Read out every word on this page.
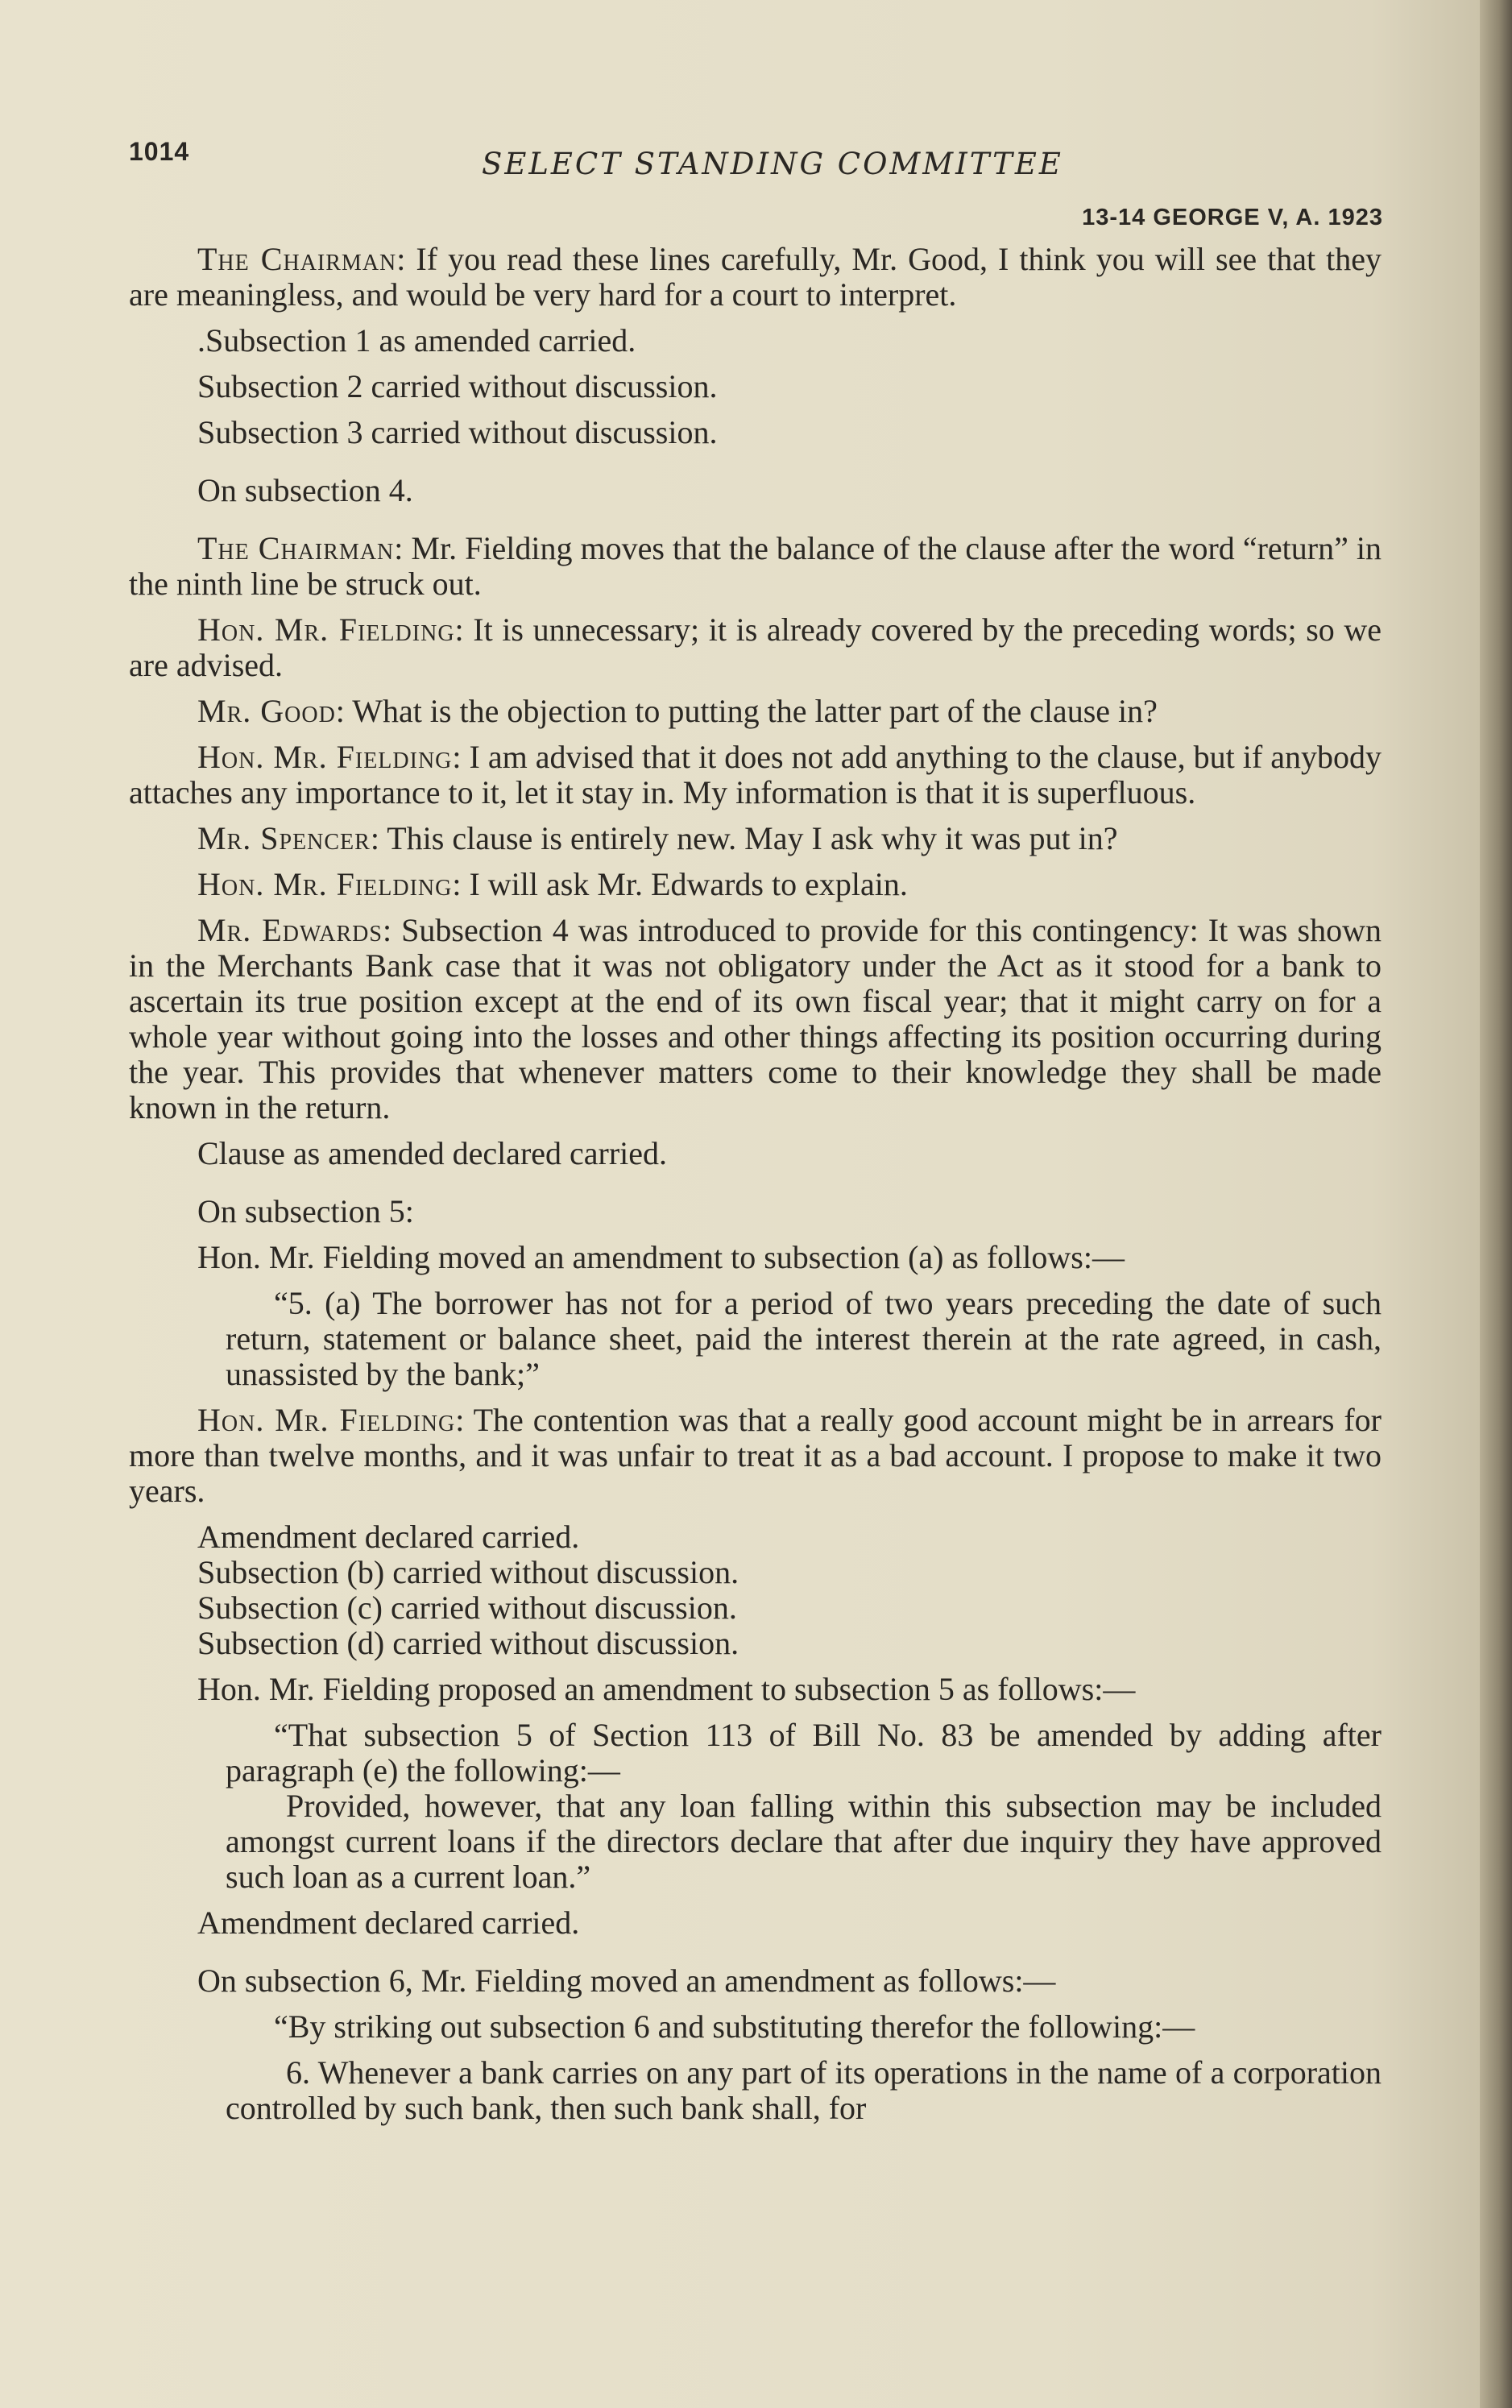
1014	SELECT STANDING COMMITTEE
13-14 GEORGE V, A. 1923

The Chairman: If you read these lines carefully, Mr. Good, I think you will see that they are meaningless, and would be very hard for a court to interpret.

.Subsection 1 as amended carried.

Subsection 2 carried without discussion.

Subsection 3 carried without discussion.

On subsection 4.

The Chairman: Mr. Fielding moves that the balance of the clause after the word “return” in the ninth line be struck out.

Hon. Mr. Fielding: It is unnecessary; it is already covered by the preceding words; so we are advised.

Mr. Good: What is the objection to putting the latter part of the clause in?

Hon. Mr. Fielding: I am advised that it does not add anything to the clause, but if anybody attaches any importance to it, let it stay in. My information is that it is superfluous.

Mr. Spencer: This clause is entirely new. May I ask why it was put in?

Hon. Mr. Fielding: I will ask Mr. Edwards to explain.

Mr. Edwards: Subsection 4 was introduced to provide for this contingency: It was shown in the Merchants Bank case that it was not obligatory under the Act as it stood for a bank to ascertain its true position except at the end of its own fiscal year; that it might carry on for a whole year without going into the losses and other things affecting its position occurring during the year. This provides that whenever matters come to their knowledge they shall be made known in the return.

Clause as amended declared carried.

On subsection 5:

Hon. Mr. Fielding moved an amendment to subsection (a) as follows:—

“5. (a) The borrower has not for a period of two years preceding the date of such return, statement or balance sheet, paid the interest therein at the rate agreed, in cash, unassisted by the bank;”

Hon. Mr. Fielding: The contention was that a really good account might be in arrears for more than twelve months, and it was unfair to treat it as a bad account. I propose to make it two years.

Amendment declared carried.

Subsection (b) carried without discussion.

Subsection (c) carried without discussion.

Subsection (d) carried without discussion.

Hon. Mr. Fielding proposed an amendment to subsection 5 as follows:—

“That subsection 5 of Section 113 of Bill No. 83 be amended by adding after paragraph (e) the following:—

Provided, however, that any loan falling within this subsection may be included amongst current loans if the directors declare that after due inquiry they have approved such loan as a current loan.”

Amendment declared carried.

On subsection 6, Mr. Fielding moved an amendment as follows:—

“By striking out subsection 6 and substituting therefor the following:—

6. Whenever a bank carries on any part of its operations in the name of a corporation controlled by such bank, then such bank shall, for
